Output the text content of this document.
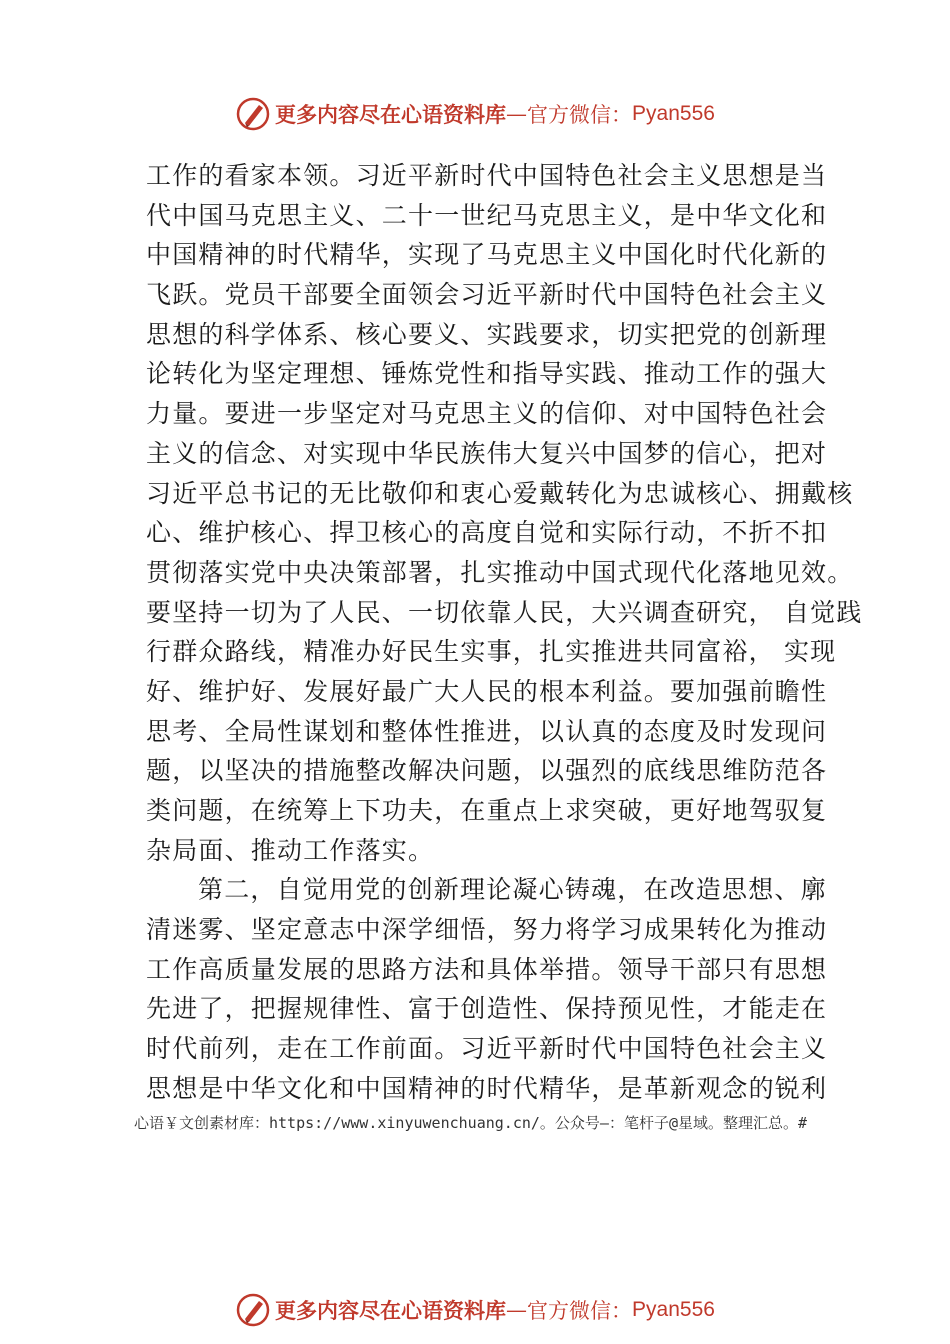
更多内容尽在心语资料库 — 官方微信： Pyan556
工作的看家本领。习近平新时代中国特色社会主义思想是当
代中国马克思主义、二十一世纪马克思主义，是中华文化和
中国精神的时代精华，实现了马克思主义中国化时代化新的
飞跃。党员干部要全面领会习近平新时代中国特色社会主义
思想的科学体系、核心要义、实践要求，切实把党的创新理
论转化为坚定理想、锤炼党性和指导实践、推动工作的强大
力量。要进一步坚定对马克思主义的信仰、对中国特色社会
主义的信念、对实现中华民族伟大复兴中国梦的信心，把对
习近平总书记的无比敬仰和衷心爱戴转化为忠诚核心、拥戴核
心、维护核心、捍卫核心的高度自觉和实际行动，不折不扣
贯彻落实党中央决策部署，扎实推动中国式现代化落地见效。
要坚持一切为了人民、一切依靠人民，大兴调查研究， 自觉践
行群众路线，精准办好民生实事，扎实推进共同富裕， 实现
好、维护好、发展好最广大人民的根本利益。要加强前瞻性
思考、全局性谋划和整体性推进，以认真的态度及时发现问
题，以坚决的措施整改解决问题，以强烈的底线思维防范各
类问题，在统筹上下功夫，在重点上求突破，更好地驾驭复
杂局面、推动工作落实。
第二，自觉用党的创新理论凝心铸魂，在改造思想、廓
清迷雾、坚定意志中深学细悟，努力将学习成果转化为推动
工作高质量发展的思路方法和具体举措。领导干部只有思想
先进了，把握规律性、富于创造性、保持预见性，才能走在
时代前列，走在工作前面。习近平新时代中国特色社会主义
思想是中华文化和中国精神的时代精华，是革新观念的锐利
心语￥文创素材库：https://www.xinyuwenchuang.cn/。公众号—：笔杆子@星域。整理汇总。#
更多内容尽在心语资料库 — 官方微信： Pyan556
